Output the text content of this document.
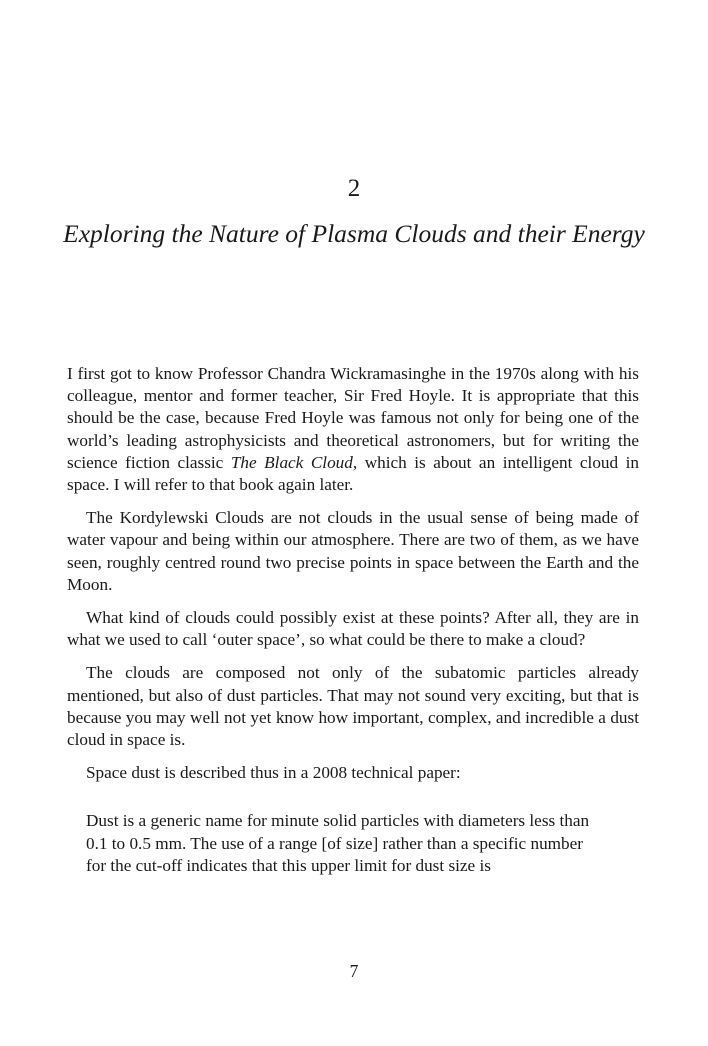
2
Exploring the Nature of Plasma Clouds and their Energy

I first got to know Professor Chandra Wickramasinghe in the 1970s along with his colleague, mentor and former teacher, Sir Fred Hoyle. It is appropriate that this should be the case, because Fred Hoyle was famous not only for being one of the world’s leading astrophysicists and theoretical astronomers, but for writing the science fiction classic The Black Cloud, which is about an intelligent cloud in space. I will refer to that book again later.

The Kordylewski Clouds are not clouds in the usual sense of being made of water vapour and being within our atmosphere. There are two of them, as we have seen, roughly centred round two precise points in space between the Earth and the Moon.

What kind of clouds could possibly exist at these points? After all, they are in what we used to call ‘outer space’, so what could be there to make a cloud?

The clouds are composed not only of the subatomic particles already mentioned, but also of dust particles. That may not sound very exciting, but that is because you may well not yet know how important, complex, and incredible a dust cloud in space is.

Space dust is described thus in a 2008 technical paper:

Dust is a generic name for minute solid particles with diameters less than 0.1 to 0.5 mm. The use of a range [of size] rather than a specific number for the cut-off indicates that this upper limit for dust size is
7
